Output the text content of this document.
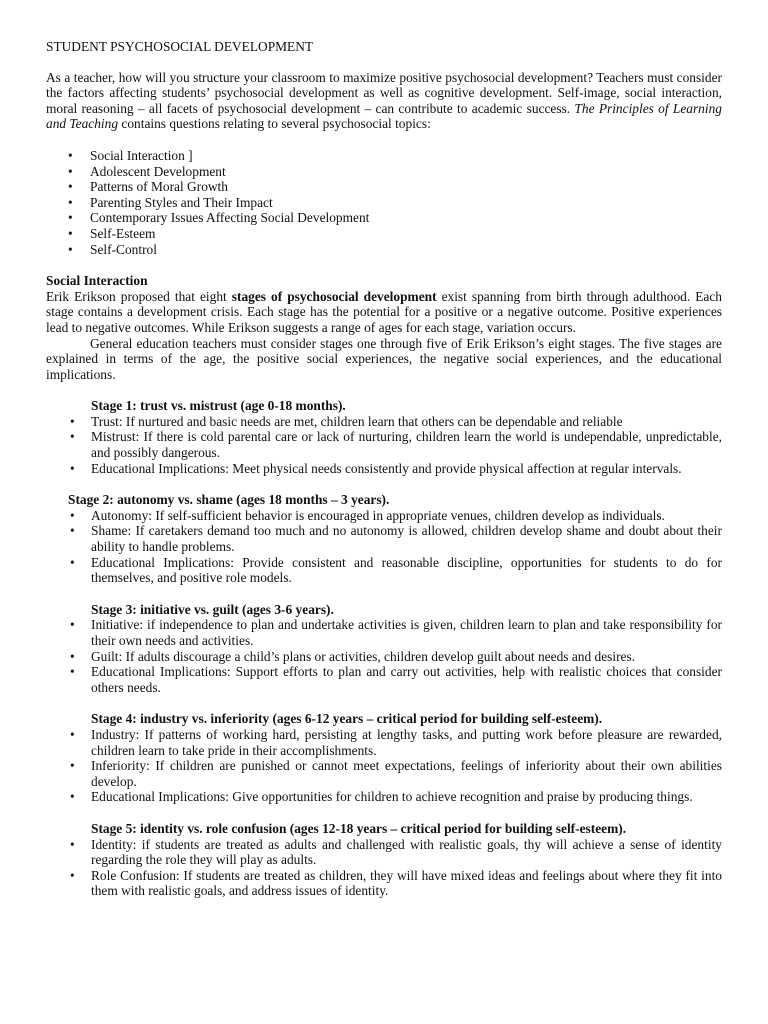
STUDENT PSYCHOSOCIAL DEVELOPMENT

As a teacher, how will you structure your classroom to maximize positive psychosocial development? Teachers must consider the factors affecting students’ psychosocial development as well as cognitive development. Self-image, social interaction, moral reasoning – all facets of psychosocial development – can contribute to academic success. The Principles of Learning and Teaching contains questions relating to several psychosocial topics:

• Social Interaction ]
• Adolescent Development
• Patterns of Moral Growth
• Parenting Styles and Their Impact
• Contemporary Issues Affecting Social Development
• Self-Esteem
• Self-Control

Social Interaction

Erik Erikson proposed that eight stages of psychosocial development exist spanning from birth through adulthood. Each stage contains a development crisis. Each stage has the potential for a positive or a negative outcome. Positive experiences lead to negative outcomes. While Erikson suggests a range of ages for each stage, variation occurs.

General education teachers must consider stages one through five of Erik Erikson’s eight stages. The five stages are explained in terms of the age, the positive social experiences, the negative social experiences, and the educational implications.

Stage 1: trust vs. mistrust (age 0-18 months).

• Trust: If nurtured and basic needs are met, children learn that others can be dependable and reliable
• Mistrust: If there is cold parental care or lack of nurturing, children learn the world is undependable, unpredictable, and possibly dangerous.
• Educational Implications: Meet physical needs consistently and provide physical affection at regular intervals.

Stage 2: autonomy vs. shame (ages 18 months – 3 years).

• Autonomy: If self-sufficient behavior is encouraged in appropriate venues, children develop as individuals.
• Shame: If caretakers demand too much and no autonomy is allowed, children develop shame and doubt about their ability to handle problems.
• Educational Implications: Provide consistent and reasonable discipline, opportunities for students to do for themselves, and positive role models.

Stage 3: initiative vs. guilt (ages 3-6 years).

• Initiative: if independence to plan and undertake activities is given, children learn to plan and take responsibility for their own needs and activities.
• Guilt: If adults discourage a child’s plans or activities, children develop guilt about needs and desires.
• Educational Implications: Support efforts to plan and carry out activities, help with realistic choices that consider others needs.

Stage 4: industry vs. inferiority (ages 6-12 years – critical period for building self-esteem).

• Industry: If patterns of working hard, persisting at lengthy tasks, and putting work before pleasure are rewarded, children learn to take pride in their accomplishments.
• Inferiority: If children are punished or cannot meet expectations, feelings of inferiority about their own abilities develop.
• Educational Implications: Give opportunities for children to achieve recognition and praise by producing things.

Stage 5: identity vs. role confusion (ages 12-18 years – critical period for building self-esteem).

• Identity: if students are treated as adults and challenged with realistic goals, thy will achieve a sense of identity regarding the role they will play as adults.
• Role Confusion: If students are treated as children, they will have mixed ideas and feelings about where they fit into them with realistic goals, and address issues of identity.
